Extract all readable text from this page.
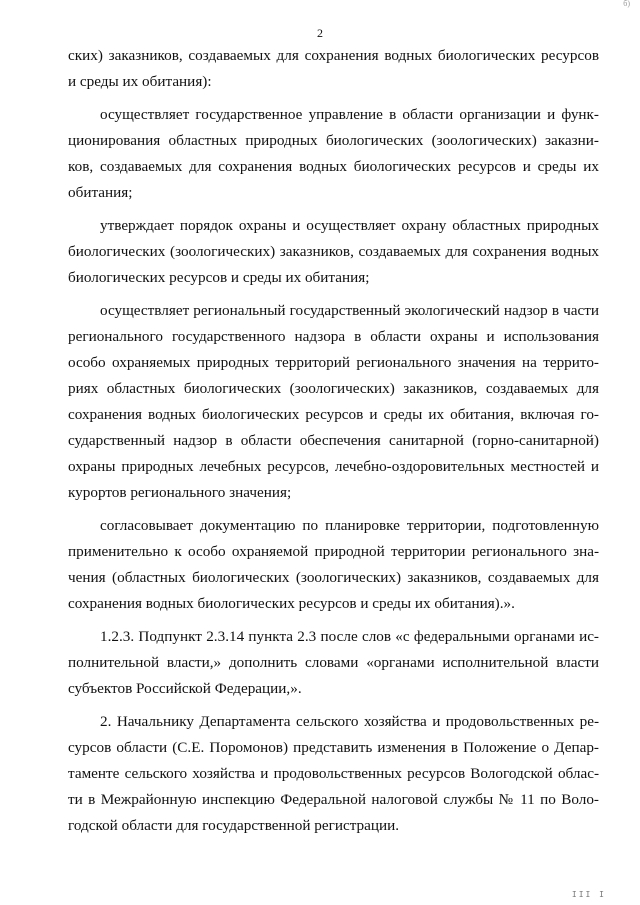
б)
2

ских) заказников, создаваемых для сохранения водных биологических ресурсов
и среды их обитания):

осуществляет государственное управление в области организации и функ-
ционирования областных природных биологических (зоологических) заказни-
ков, создаваемых для сохранения водных биологических ресурсов и среды их
обитания;

утверждает порядок охраны и осуществляет охрану областных природных
биологических (зоологических) заказников, создаваемых для сохранения водных
биологических ресурсов и среды их обитания;

осуществляет региональный государственный экологический надзор в части
регионального государственного надзора в области охраны и использования
особо охраняемых природных территорий регионального значения на террито-
риях областных биологических (зоологических) заказников, создаваемых для
сохранения водных биологических ресурсов и среды их обитания, включая го-
сударственный надзор в области обеспечения санитарной (горно-санитарной)
охраны природных лечебных ресурсов, лечебно-оздоровительных местностей и
курортов регионального значения;

согласовывает документацию по планировке территории, подготовленную
применительно к особо охраняемой природной территории регионального зна-
чения (областных биологических (зоологических) заказников, создаваемых для
сохранения водных биологических ресурсов и среды их обитания).».

1.2.3. Подпункт 2.3.14 пункта 2.3 после слов «с федеральными органами ис-
полнительной власти,» дополнить словами «органами исполнительной власти
субъектов Российской Федерации,».

2. Начальнику Департамента сельского хозяйства и продовольственных ре-
сурсов области (С.Е. Поромонов) представить изменения в Положение о Депар-
таменте сельского хозяйства и продовольственных ресурсов Вологодской облас-
ти в Межрайонную инспекцию Федеральной налоговой службы № 11 по Воло-
годской области для государственной регистрации.

III I
